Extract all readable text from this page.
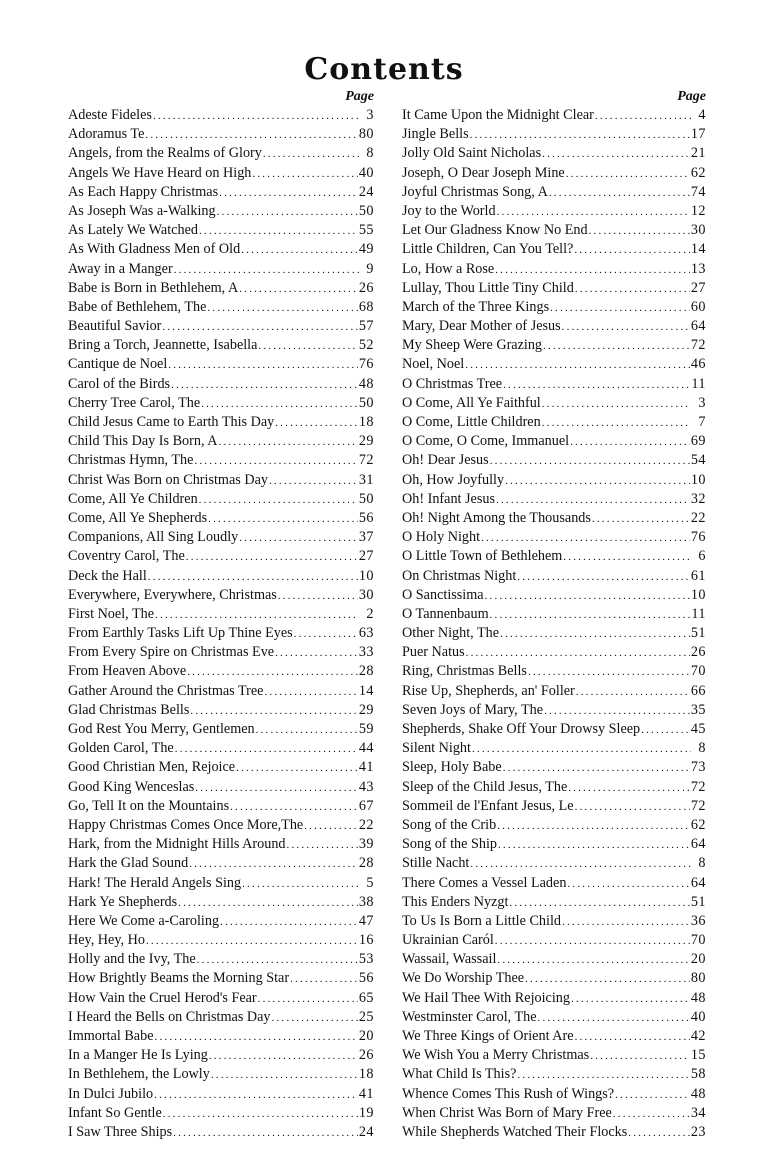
Contents
Page
Adeste Fideles .....	3
Adoramus Te .....	80
Angels, from the Realms of Glory .....	8
Angels We Have Heard on High .....	40
As Each Happy Christmas .....	24
As Joseph Was a-Walking .....	50
As Lately We Watched .....	55
As With Gladness Men of Old .....	49
Away in a Manger .....	9
Babe is Born in Bethlehem, A .....	26
Babe of Bethlehem, The .....	68
Beautiful Savior .....	57
Bring a Torch, Jeannette, Isabella .....	52
Cantique de Noel .....	76
Carol of the Birds .....	48
Cherry Tree Carol, The .....	50
Child Jesus Came to Earth This Day .....	18
Child This Day Is Born, A .....	29
Christmas Hymn, The .....	72
Christ Was Born on Christmas Day .....	31
Come, All Ye Children .....	50
Come, All Ye Shepherds .....	56
Companions, All Sing Loudly .....	37
Coventry Carol, The .....	27
Deck the Hall .....	10
Everywhere, Everywhere, Christmas .....	30
First Noel, The .....	2
From Earthly Tasks Lift Up Thine Eyes .....	63
From Every Spire on Christmas Eve .....	33
From Heaven Above .....	28
Gather Around the Christmas Tree .....	14
Glad Christmas Bells .....	29
God Rest You Merry, Gentlemen .....	59
Golden Carol, The .....	44
Good Christian Men, Rejoice .....	41
Good King Wenceslas .....	43
Go, Tell It on the Mountains .....	67
Happy Christmas Comes Once More,The .....	22
Hark, from the Midnight Hills Around .....	39
Hark the Glad Sound .....	28
Hark! The Herald Angels Sing .....	5
Hark Ye Shepherds .....	38
Here We Come a-Caroling .....	47
Hey, Hey, Ho .....	16
Holly and the Ivy, The .....	53
How Brightly Beams the Morning Star .....	56
How Vain the Cruel Herod's Fear .....	65
I Heard the Bells on Christmas Day .....	25
Immortal Babe .....	20
In a Manger He Is Lying .....	26
In Bethlehem, the Lowly .....	18
In Dulci Jubilo .....	41
Infant So Gentle .....	19
I Saw Three Ships .....	24
Page
It Came Upon the Midnight Clear .....	4
Jingle Bells .....	17
Jolly Old Saint Nicholas .....	21
Joseph, O Dear Joseph Mine .....	62
Joyful Christmas Song, A .....	74
Joy to the World .....	12
Let Our Gladness Know No End .....	30
Little Children, Can You Tell? .....	14
Lo, How a Rose .....	13
Lullay, Thou Little Tiny Child .....	27
March of the Three Kings .....	60
Mary, Dear Mother of Jesus .....	64
My Sheep Were Grazing .....	72
Noel, Noel .....	46
O Christmas Tree .....	11
O Come, All Ye Faithful .....	3
O Come, Little Children .....	7
O Come, O Come, Immanuel .....	69
Oh! Dear Jesus .....	54
Oh, How Joyfully .....	10
Oh! Infant Jesus .....	32
Oh! Night Among the Thousands .....	22
O Holy Night .....	76
O Little Town of Bethlehem .....	6
On Christmas Night .....	61
O Sanctissima .....	10
O Tannenbaum .....	11
Other Night, The .....	51
Puer Natus .....	26
Ring, Christmas Bells .....	70
Rise Up, Shepherds, an' Foller .....	66
Seven Joys of Mary, The .....	35
Shepherds, Shake Off Your Drowsy Sleep .....	45
Silent Night .....	8
Sleep, Holy Babe .....	73
Sleep of the Child Jesus, The .....	72
Sommeil de l'Enfant Jesus, Le .....	72
Song of the Crib .....	62
Song of the Ship .....	64
Stille Nacht .....	8
There Comes a Vessel Laden .....	64
This Enders Nyzgt .....	51
To Us Is Born a Little Child .....	36
Ukrainian Caról .....	70
Wassail, Wassail .....	20
We Do Worship Thee .....	80
We Hail Thee With Rejoicing .....	48
Westminster Carol, The .....	40
We Three Kings of Orient Are .....	42
We Wish You a Merry Christmas .....	15
What Child Is This? .....	58
Whence Comes This Rush of Wings? .....	48
When Christ Was Born of Mary Free .....	34
While Shepherds Watched Their Flocks .....	23
